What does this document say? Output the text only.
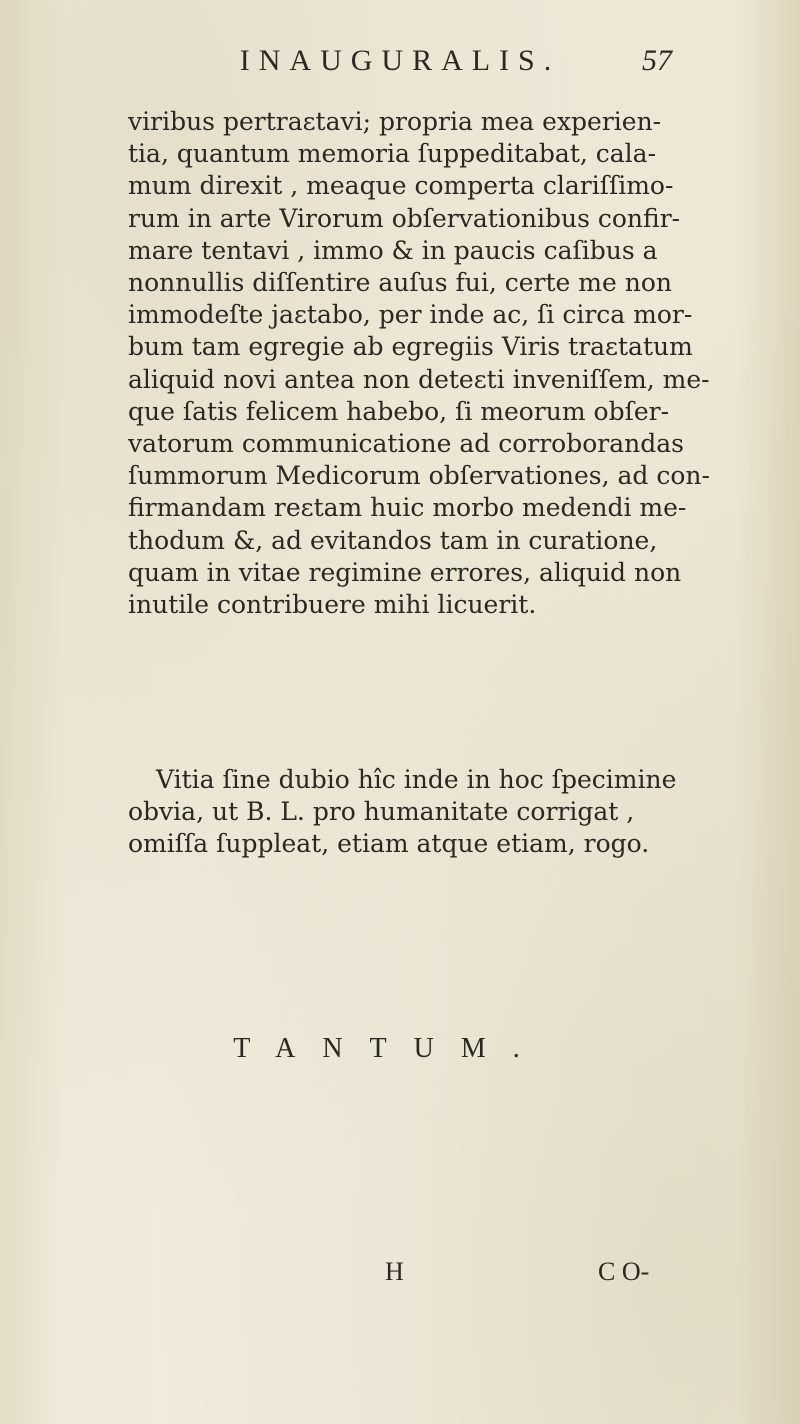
INAUGURALIS.	57
viribus pertraɛtavi; propria mea experien-
tia, quantum memoria ſuppeditabat, cala-
mum direxit , meaque comperta clariſſimo-
rum in arte Virorum obſervationibus confir-
mare tentavi , immo & in paucis caſibus a
nonnullis diſſentire auſus fui, certe me non
immodeſte jaɛtabo, per inde ac, ſi circa mor-
bum tam egregie ab egregiis Viris traɛtatum
aliquid novi antea non deteɛti inveniſſem, me-
que ſatis felicem habebo, ſi meorum obſer-
vatorum communicatione ad corroborandas
ſummorum Medicorum obſervationes, ad con-
firmandam reɛtam huic morbo medendi me-
thodum &, ad evitandos tam in curatione,
quam in vitae regimine errores, aliquid non
inutile contribuere mihi licuerit.
Vitia ſine dubio hîc inde in hoc ſpecimine
obvia, ut B. L. pro humanitate corrigat ,
omiſſa ſuppleat, etiam atque etiam, rogo.
TANTUM.
H	C O-
